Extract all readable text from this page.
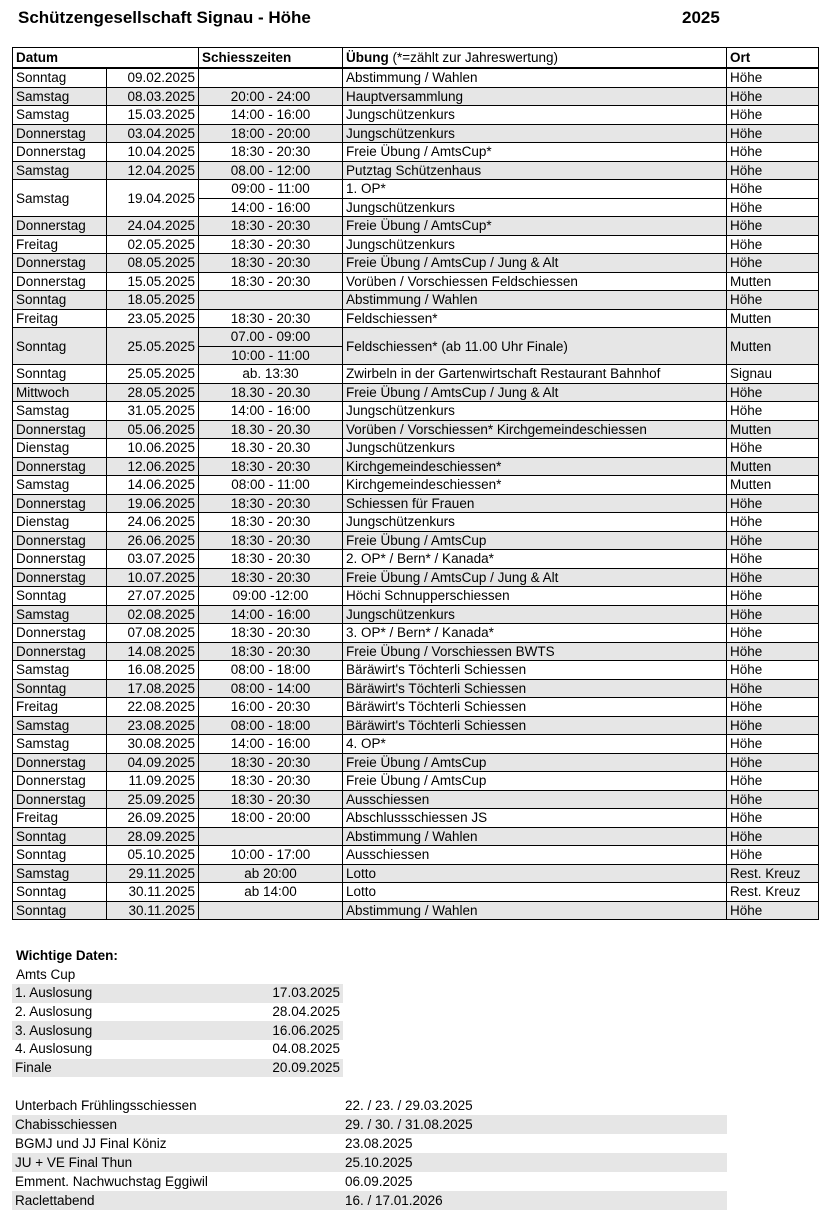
Schützengesellschaft Signau - Höhe	2025
Datum		Schiesszeiten	Übung (*=zählt zur Jahreswertung)	Ort
Sonntag	09.02.2025		Abstimmung / Wahlen	Höhe
Samstag	08.03.2025	20:00 - 24:00	Hauptversammlung	Höhe
Samstag	15.03.2025	14:00 - 16:00	Jungschützenkurs	Höhe
Donnerstag	03.04.2025	18:00 - 20:00	Jungschützenkurs	Höhe
Donnerstag	10.04.2025	18:30 - 20:30	Freie Übung / AmtsCup*	Höhe
Samstag	12.04.2025	08.00 - 12:00	Putztag Schützenhaus	Höhe
Samstag	19.04.2025	09:00 - 11:00	1. OP*	Höhe
		14:00 - 16:00	Jungschützenkurs	Höhe
Donnerstag	24.04.2025	18:30 - 20:30	Freie Übung / AmtsCup*	Höhe
Freitag	02.05.2025	18:30 - 20:30	Jungschützenkurs	Höhe
Donnerstag	08.05.2025	18:30 - 20:30	Freie Übung / AmtsCup / Jung & Alt	Höhe
Donnerstag	15.05.2025	18:30 - 20:30	Vorüben / Vorschiessen Feldschiessen	Mutten
Sonntag	18.05.2025		Abstimmung / Wahlen	Höhe
Freitag	23.05.2025	18:30 - 20:30	Feldschiessen*	Mutten
Sonntag	25.05.2025	07.00 - 09:00	Feldschiessen* (ab 11.00 Uhr Finale)	Mutten
		10:00 - 11:00		
Sonntag	25.05.2025	ab. 13:30	Zwirbeln in der Gartenwirtschaft Restaurant Bahnhof	Signau
Mittwoch	28.05.2025	18.30 - 20.30	Freie Übung / AmtsCup / Jung & Alt	Höhe
Samstag	31.05.2025	14:00 - 16:00	Jungschützenkurs	Höhe
Donnerstag	05.06.2025	18.30 - 20.30	Vorüben / Vorschiessen* Kirchgemeindeschiessen	Mutten
Dienstag	10.06.2025	18.30 - 20.30	Jungschützenkurs	Höhe
Donnerstag	12.06.2025	18:30 - 20:30	Kirchgemeindeschiessen*	Mutten
Samstag	14.06.2025	08:00 - 11:00	Kirchgemeindeschiessen*	Mutten
Donnerstag	19.06.2025	18:30 - 20:30	Schiessen für Frauen	Höhe
Dienstag	24.06.2025	18:30 - 20:30	Jungschützenkurs	Höhe
Donnerstag	26.06.2025	18:30 - 20:30	Freie Übung / AmtsCup	Höhe
Donnerstag	03.07.2025	18:30 - 20:30	2. OP* / Bern* / Kanada*	Höhe
Donnerstag	10.07.2025	18:30 - 20:30	Freie Übung / AmtsCup / Jung & Alt	Höhe
Sonntag	27.07.2025	09:00 -12:00	Höchi Schnupperschiessen	Höhe
Samstag	02.08.2025	14:00 - 16:00	Jungschützenkurs	Höhe
Donnerstag	07.08.2025	18:30 - 20:30	3. OP* / Bern* / Kanada*	Höhe
Donnerstag	14.08.2025	18:30 - 20:30	Freie Übung / Vorschiessen BWTS	Höhe
Samstag	16.08.2025	08:00 - 18:00	Bäräwirt's Töchterli Schiessen	Höhe
Sonntag	17.08.2025	08:00 - 14:00	Bäräwirt's Töchterli Schiessen	Höhe
Freitag	22.08.2025	16:00 - 20:30	Bäräwirt's Töchterli Schiessen	Höhe
Samstag	23.08.2025	08:00 - 18:00	Bäräwirt's Töchterli Schiessen	Höhe
Samstag	30.08.2025	14:00 - 16:00	4. OP*	Höhe
Donnerstag	04.09.2025	18:30 - 20:30	Freie Übung / AmtsCup	Höhe
Donnerstag	11.09.2025	18:30 - 20:30	Freie Übung / AmtsCup	Höhe
Donnerstag	25.09.2025	18:30 - 20:30	Ausschiessen	Höhe
Freitag	26.09.2025	18:00 - 20:00	Abschlussschiessen JS	Höhe
Sonntag	28.09.2025		Abstimmung / Wahlen	Höhe
Sonntag	05.10.2025	10:00 - 17:00	Ausschiessen	Höhe
Samstag	29.11.2025	ab 20:00	Lotto	Rest. Kreuz
Sonntag	30.11.2025	ab 14:00	Lotto	Rest. Kreuz
Sonntag	30.11.2025		Abstimmung / Wahlen	Höhe
Wichtige Daten:
Amts Cup
1. Auslosung	17.03.2025
2. Auslosung	28.04.2025
3. Auslosung	16.06.2025
4. Auslosung	04.08.2025
Finale	20.09.2025
Unterbach Frühlingsschiessen	22. / 23. / 29.03.2025
Chabisschiessen	29. / 30. / 31.08.2025
BGMJ und JJ Final Köniz	23.08.2025
JU + VE Final Thun	25.10.2025
Emment. Nachwuchstag Eggiwil	06.09.2025
Raclettabend	16. / 17.01.2026
